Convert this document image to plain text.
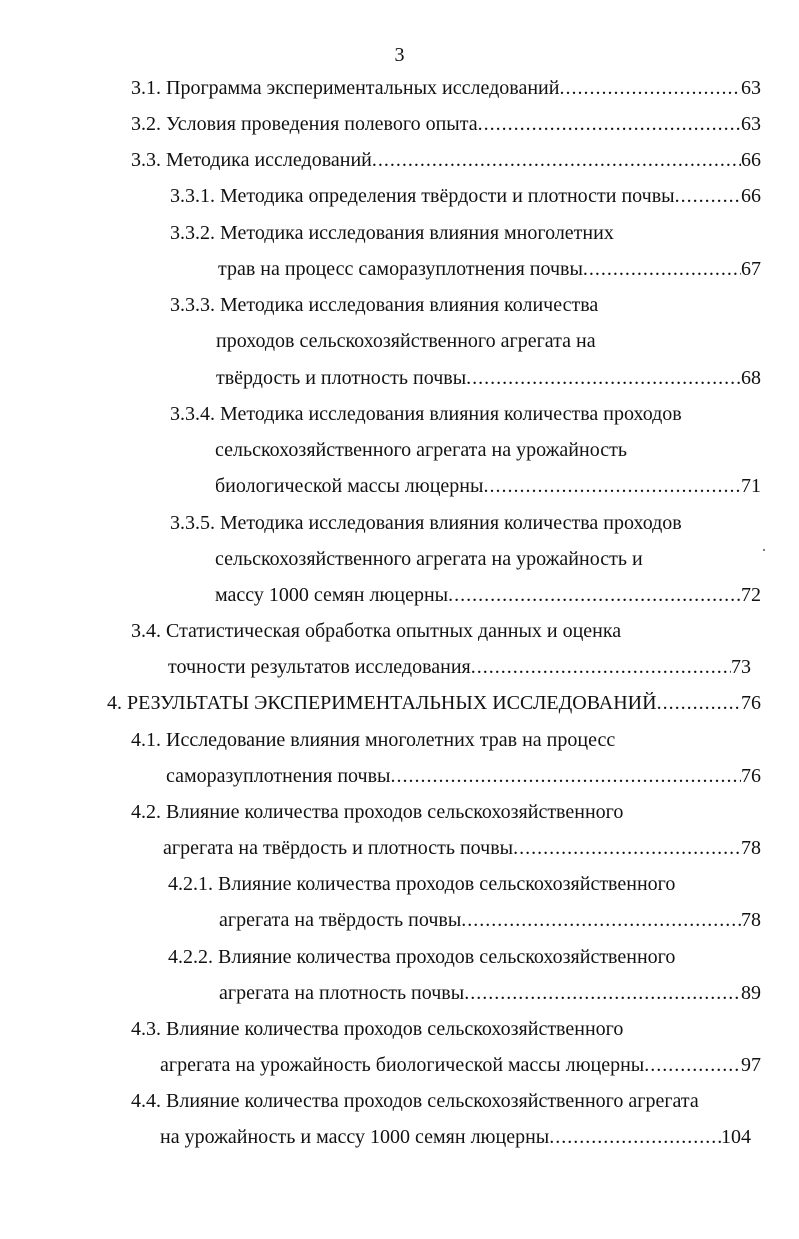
3
3.1. Программа экспериментальных исследований .....	63
3.2. Условия проведения полевого опыта .....	63
3.3. Методика исследований .....	66
3.3.1. Методика определения твёрдости и плотности почвы .....	66
3.3.2. Методика исследования влияния многолетних
трав на процесс саморазуплотнения почвы .....	67
3.3.3. Методика исследования влияния количества
проходов сельскохозяйственного агрегата на
твёрдость и плотность почвы .....	68
3.3.4. Методика исследования влияния количества проходов
сельскохозяйственного агрегата на урожайность
биологической массы люцерны .....	71
3.3.5. Методика исследования влияния количества проходов
сельскохозяйственного агрегата на урожайность и
массу 1000 семян люцерны .....	72
3.4. Статистическая обработка опытных данных и оценка
точности результатов исследования .....	73
4. РЕЗУЛЬТАТЫ ЭКСПЕРИМЕНТАЛЬНЫХ ИССЛЕДОВАНИЙ .....	76
4.1. Исследование влияния многолетних трав на процесс
саморазуплотнения почвы .....	76
4.2. Влияние количества проходов сельскохозяйственного
агрегата на твёрдость и плотность почвы .....	78
4.2.1. Влияние количества проходов сельскохозяйственного
агрегата на твёрдость почвы .....	78
4.2.2. Влияние количества проходов сельскохозяйственного
агрегата на плотность почвы .....	89
4.3. Влияние количества проходов сельскохозяйственного
агрегата на урожайность биологической массы люцерны .....	97
4.4. Влияние количества проходов сельскохозяйственного агрегата
на урожайность и массу 1000 семян люцерны .....	104
